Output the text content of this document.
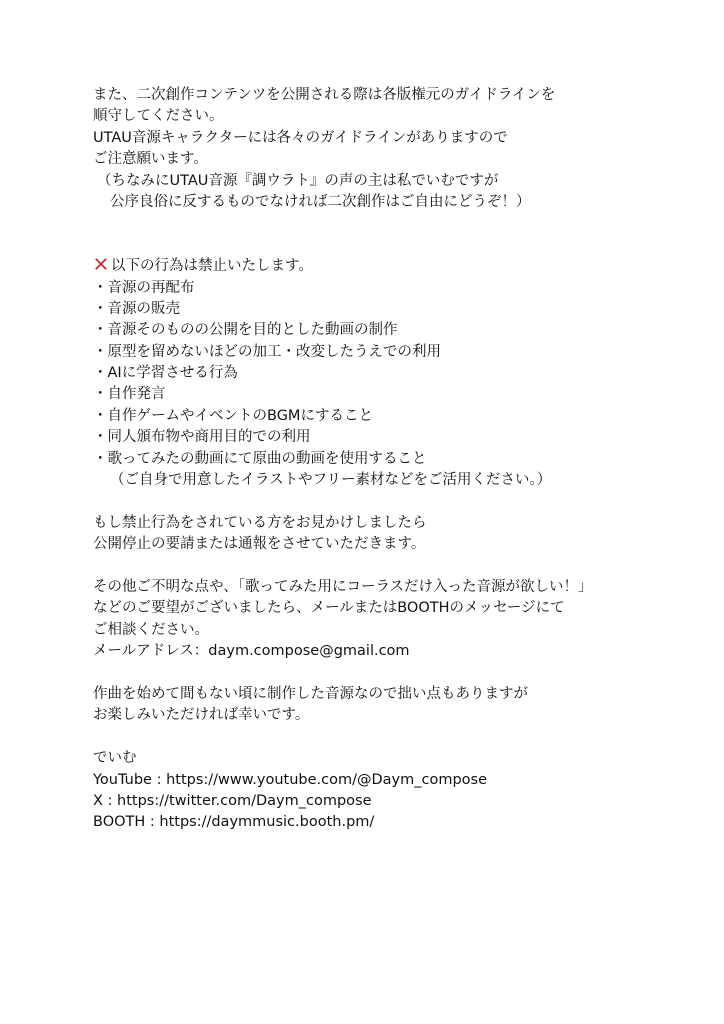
また、二次創作コンテンツを公開される際は各版権元のガイドラインを
順守してください。
UTAU音源キャラクターには各々のガイドラインがありますので
ご注意願います。
（ちなみにUTAU音源『調ウラト』の声の主は私でいむですが
公序良俗に反するものでなければ二次創作はご自由にどうぞ！）
以下の行為は禁止いたします。
・音源の再配布
・音源の販売
・音源そのものの公開を目的とした動画の制作
・原型を留めないほどの加工・改変したうえでの利用
・AIに学習させる行為
・自作発言
・自作ゲームやイベントのBGMにすること
・同人頒布物や商用目的での利用
・歌ってみたの動画にて原曲の動画を使用すること
（ご自身で用意したイラストやフリー素材などをご活用ください。）
もし禁止行為をされている方をお見かけしましたら
公開停止の要請または通報をさせていただきます。
その他ご不明な点や、「歌ってみた用にコーラスだけ入った音源が欲しい！」
などのご要望がございましたら、メールまたはBOOTHのメッセージにて
ご相談ください。
メールアドレス：daym.compose@gmail.com
作曲を始めて間もない頃に制作した音源なので拙い点もありますが
お楽しみいただければ幸いです。
でいむ
YouTube : https://www.youtube.com/@Daym_compose
X : https://twitter.com/Daym_compose
BOOTH : https://daymmusic.booth.pm/
